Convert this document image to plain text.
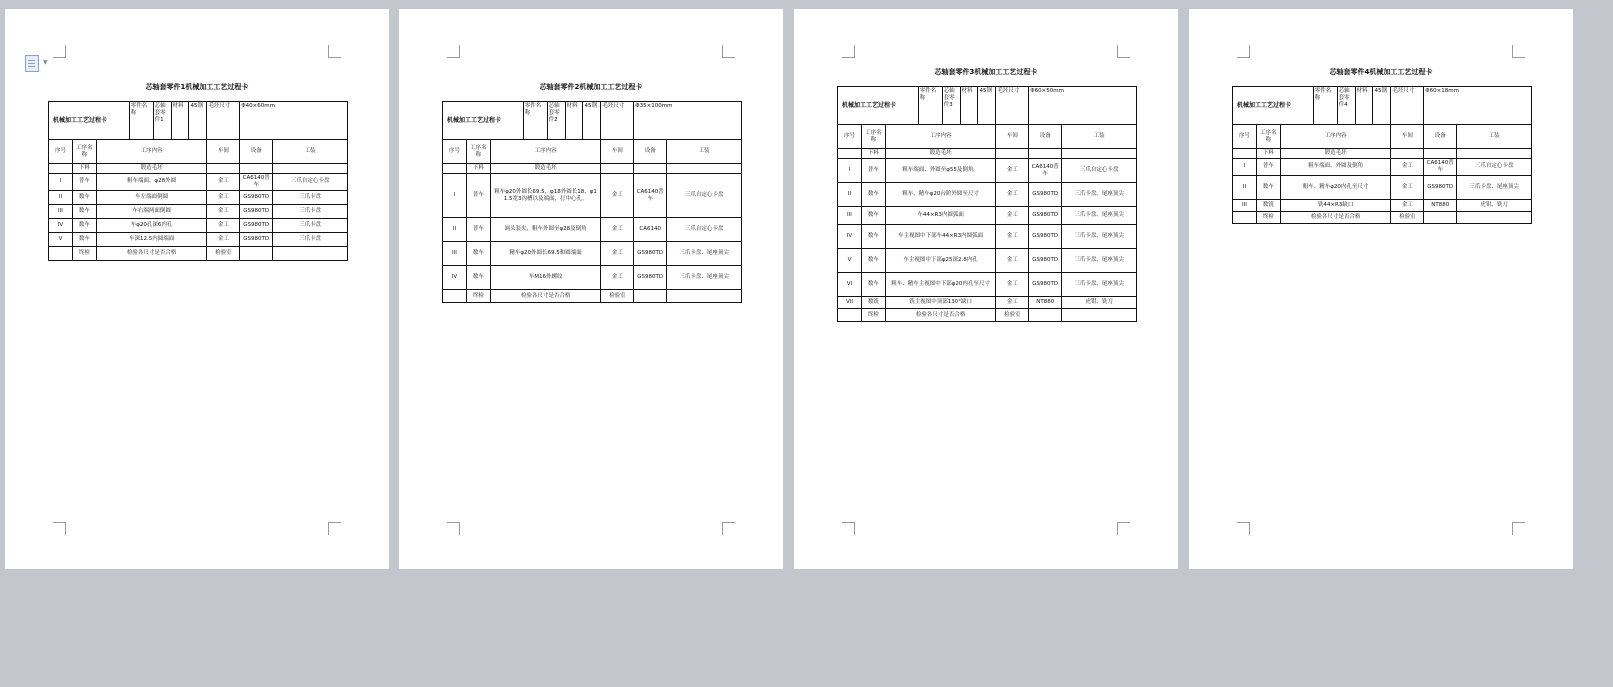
芯轴套零件1机械加工工艺过程卡
机械加工工艺过程卡			零件名称	芯轴套零件1	材料	45钢	毛坯尺寸	Φ40×60mm	
序号	工序名称	工序内容					车间	设备	工装
	下料	锻造毛坯							
I	普车	粗车端面、φ28外圆					金工	CA6140普车	三爪自定心卡盘
II	数车	车左端面倒圆					金工	GS980TD	三爪卡盘
III	数车	车右端两面倒圆					金工	GS980TD	三爪卡盘
IV	数车	车φ20孔深6内孔					金工	GS980TD	三爪卡盘
V	数车	车深12.5内圆端面					金工	GS980TD	三爪卡盘
	终检	检验各尺寸是否合格					检验室		
▼
芯轴套零件2机械加工工艺过程卡
机械加工工艺过程卡			零件名称	芯轴套零件2	材料	45钢	毛坯尺寸	Φ35×100mm	
序号	工序名称	工序内容					车间	设备	工装
	下料	锻造毛坯							
I	普车	粗车φ20外圆长69.5，φ18外圆长18、φ11.5宽3沟槽以及端面，打中心孔。					金工	CA6140普车	三爪自定心卡盘
II	普车	调头装夹，粗车外圆至φ28及倒角					金工	CA6140	三爪自定心卡盘
III	数车	精车φ20外圆长69.5和圆端面					金工	GS980TD	三爪卡盘、尾座顶尖
IV	数车	车M16外螺纹					金工	GS980TD	三爪卡盘、尾座顶尖
	终检	检验各尺寸是否合格					检验室		
芯轴套零件3机械加工工艺过程卡
机械加工工艺过程卡			零件名称	芯轴套零件3	材料	45钢	毛坯尺寸	Φ60×50mm	
序号	工序名称	工序内容					车间	设备	工装
	下料	锻造毛坯							
I	普车	粗车端面、外圆至φ55及倒角。					金工	CA6140普车	三爪自定心卡盘
II	数车	粗车、精车φ20台阶外圆至尺寸					金工	GS980TD	三爪卡盘、尾座顶尖
III	数车	车44×R3内圆弧面					金工	GS980TD	三爪卡盘、尾座顶尖
IV	数车	车主视图中下部车44×R3内圆弧面					金工	GS980TD	三爪卡盘、尾座顶尖
V	数车	车主视图中下部φ25深2.8内孔					金工	GS980TD	三爪卡盘、尾座顶尖
VI	数车	粗车、精车主视图中下部φ20内孔至尺寸					金工	GS980TD	三爪卡盘、尾座顶尖
VII	数铣	铣主视图中顶部130°缺口					金工	NT880	虎钳、铣刀
	终检	检验各尺寸是否合格					检验室		
芯轴套零件4机械加工工艺过程卡
机械加工工艺过程卡			零件名称	芯轴套零件4	材料	45钢	毛坯尺寸	Φ60×18mm	
序号	工序名称	工序内容					车间	设备	工装
	下料	锻造毛坯							
I	普车	粗车端面、外圆及倒角					金工	CA6140普车	三爪自定心卡盘
II	数车	粗车、精车φ20内孔至尺寸					金工	GS980TD	三爪卡盘、尾座顶尖
III	数铣	铣44×R3缺口					金工	NT880	虎钳、铣刀
	终检	检验各尺寸是否合格					检验室		
